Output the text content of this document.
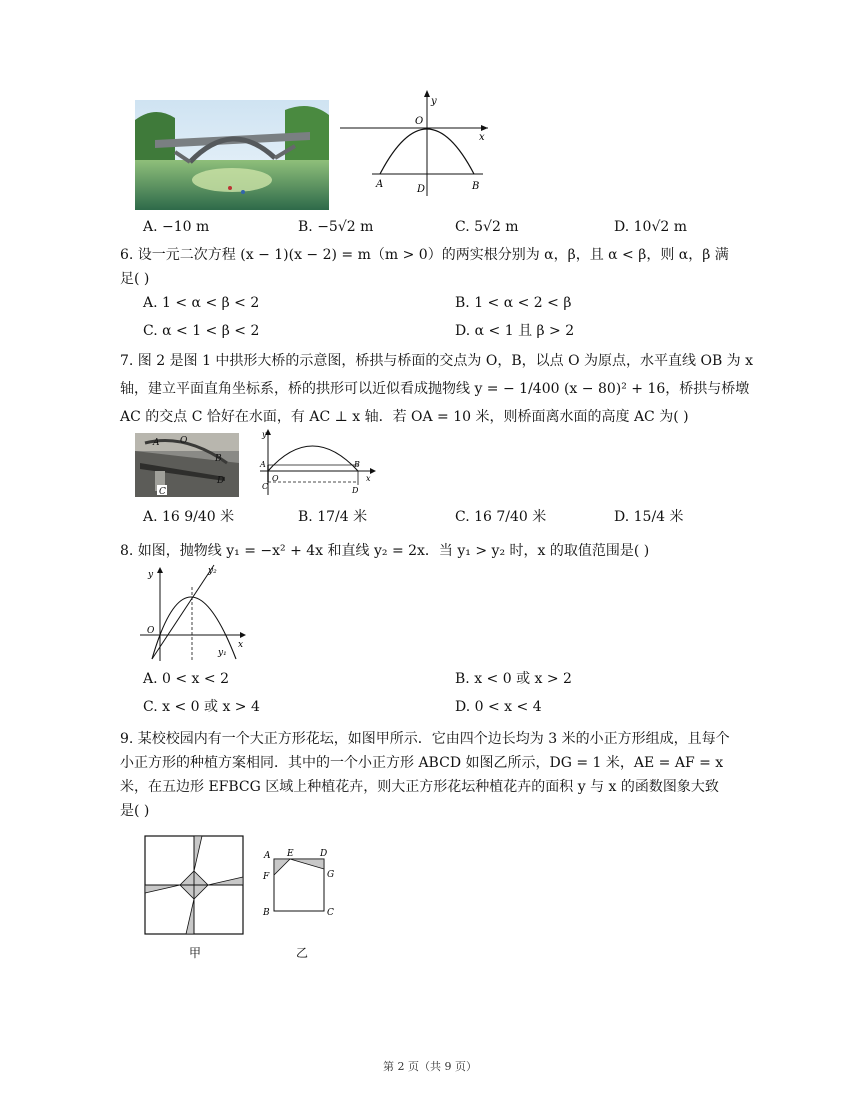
y
x
O
A	B
D
A. −10 m	B. −5√2 m	C. 5√2 m	D. 10√2 m
6. 设一元二次方程 (x − 1)(x − 2) = m（m > 0）的两实根分别为 α，β，且 α < β，则 α，β 满
足( )
A. 1 < α < β < 2	B. 1 < α < 2 < β
C. α < 1 < β < 2	D. α < 1 且 β > 2
7. 图 2 是图 1 中拱形大桥的示意图，桥拱与桥面的交点为 O，B，以点 O 为原点，水平直线 OB 为 x
轴，建立平面直角坐标系，桥的拱形可以近似看成抛物线 y = − 1/400 (x − 80)² + 16，桥拱与桥墩
AC 的交点 C 恰好在水面，有 AC ⊥ x 轴．若 OA = 10 米，则桥面离水面的高度 AC 为( )
A O
B
D
C
y
x
A
O
B
C	D
A. 16 9/40 米	B. 17/4 米	C. 16 7/40 米	D. 15/4 米
8. 如图，抛物线 y₁ = −x² + 4x 和直线 y₂ = 2x．当 y₁ > y₂ 时，x 的取值范围是( )
y
x
O
y₂
y₁
A. 0 < x < 2	B. x < 0 或 x > 2
C. x < 0 或 x > 4	D. 0 < x < 4
9. 某校校园内有一个大正方形花坛，如图甲所示．它由四个边长均为 3 米的小正方形组成，且每个
小正方形的种植方案相同．其中的一个小正方形 ABCD 如图乙所示，DG = 1 米，AE = AF = x
米，在五边形 EFBCG 区域上种植花卉，则大正方形花坛种植花卉的面积 y 与 x 的函数图象大致
是( )
甲
A E	D
F	G
B	C
乙
第 2 页（共 9 页）
